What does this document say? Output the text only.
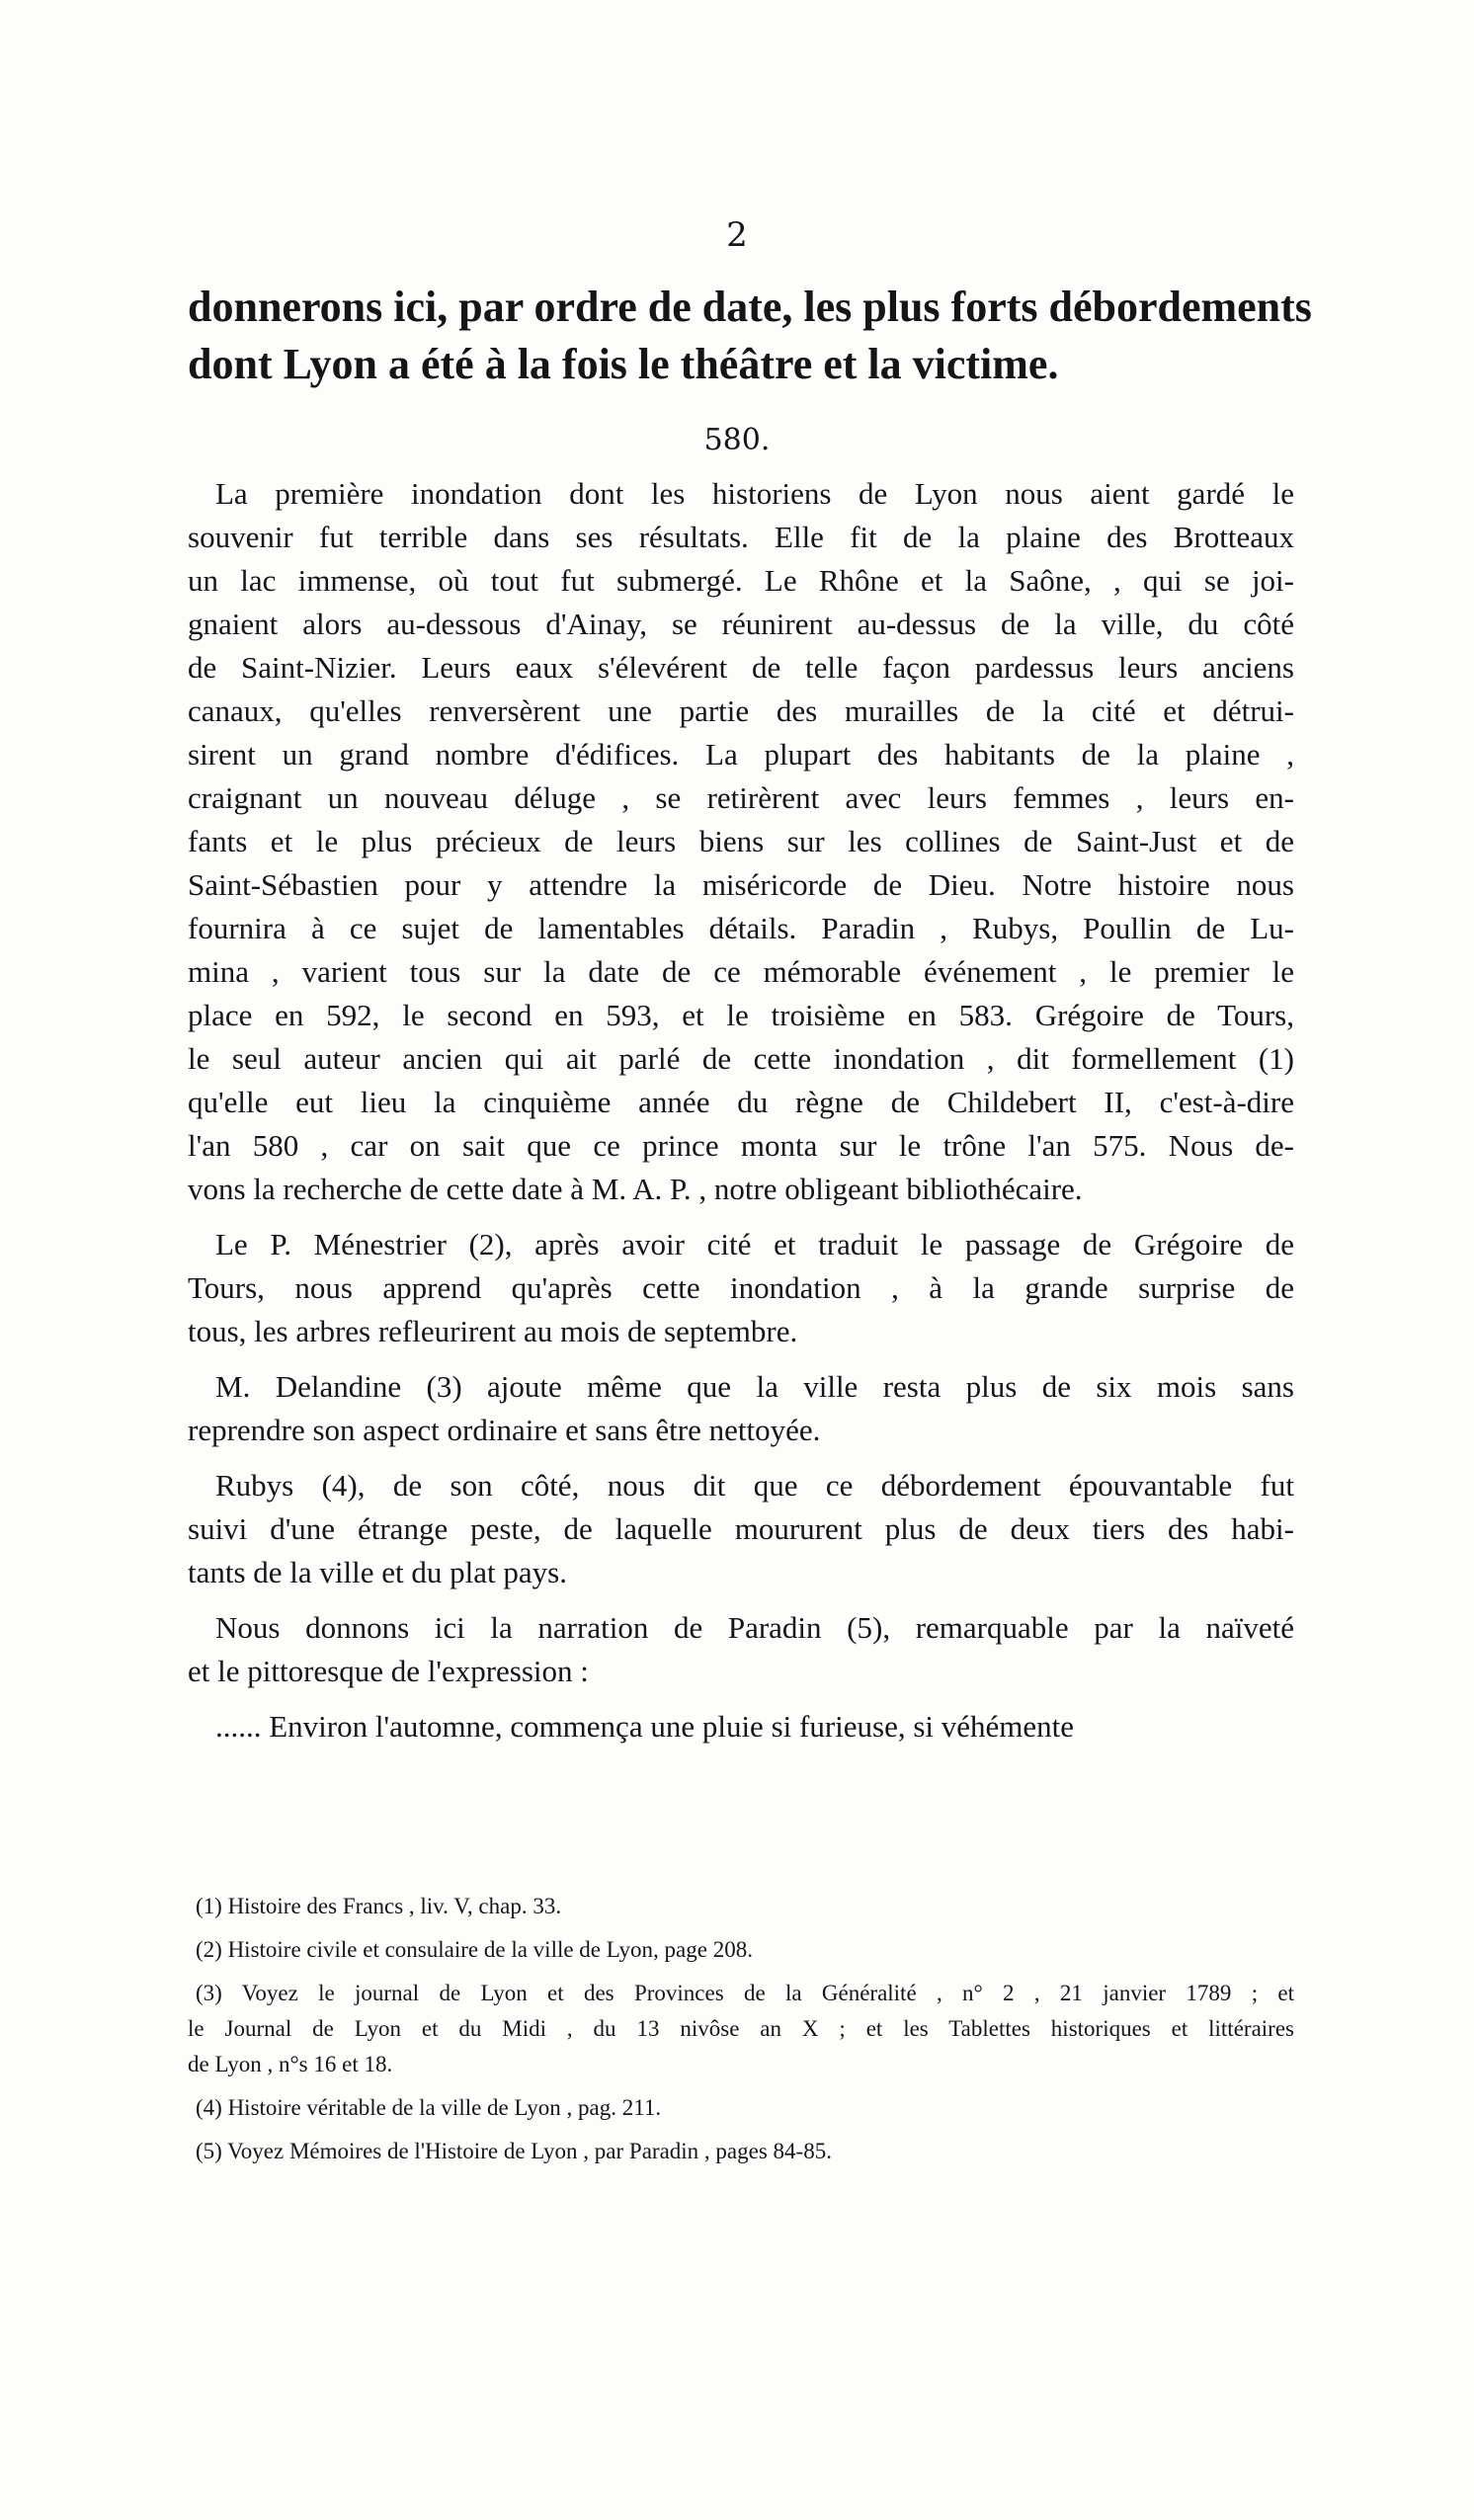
2
donnerons ici, par ordre de date, les plus forts débordements
dont Lyon a été à la fois le théâtre et la victime.
580.
La première inondation dont les historiens de Lyon nous aient gardé le
souvenir fut terrible dans ses résultats. Elle fit de la plaine des Brotteaux
un lac immense, où tout fut submergé. Le Rhône et la Saône, , qui se joi-
gnaient alors au-dessous d'Ainay, se réunirent au-dessus de la ville, du côté
de Saint-Nizier. Leurs eaux s'élevérent de telle façon pardessus leurs anciens
canaux, qu'elles renversèrent une partie des murailles de la cité et détrui-
sirent un grand nombre d'édifices. La plupart des habitants de la plaine ,
craignant un nouveau déluge , se retirèrent avec leurs femmes , leurs en-
fants et le plus précieux de leurs biens sur les collines de Saint-Just et de
Saint-Sébastien pour y attendre la miséricorde de Dieu. Notre histoire nous
fournira à ce sujet de lamentables détails. Paradin , Rubys, Poullin de Lu-
mina , varient tous sur la date de ce mémorable événement , le premier le
place en 592, le second en 593, et le troisième en 583. Grégoire de Tours,
le seul auteur ancien qui ait parlé de cette inondation , dit formellement (1)
qu'elle eut lieu la cinquième année du règne de Childebert II, c'est-à-dire
l'an 580 , car on sait que ce prince monta sur le trône l'an 575. Nous de-
vons la recherche de cette date à M. A. P. , notre obligeant bibliothécaire.
Le P. Ménestrier (2), après avoir cité et traduit le passage de Grégoire de
Tours, nous apprend qu'après cette inondation , à la grande surprise de
tous, les arbres refleurirent au mois de septembre.
M. Delandine (3) ajoute même que la ville resta plus de six mois sans
reprendre son aspect ordinaire et sans être nettoyée.
Rubys (4), de son côté, nous dit que ce débordement épouvantable fut
suivi d'une étrange peste, de laquelle moururent plus de deux tiers des habi-
tants de la ville et du plat pays.
Nous donnons ici la narration de Paradin (5), remarquable par la naïveté
et le pittoresque de l'expression :
...... Environ l'automne, commença une pluie si furieuse, si véhémente
(1) Histoire des Francs , liv. V, chap. 33.
(2) Histoire civile et consulaire de la ville de Lyon, page 208.
(3) Voyez le journal de Lyon et des Provinces de la Généralité , n° 2 , 21 janvier 1789 ; et
le Journal de Lyon et du Midi , du 13 nivôse an X ; et les Tablettes historiques et littéraires
de Lyon , n°s 16 et 18.
(4) Histoire véritable de la ville de Lyon , pag. 211.
(5) Voyez Mémoires de l'Histoire de Lyon , par Paradin , pages 84-85.
